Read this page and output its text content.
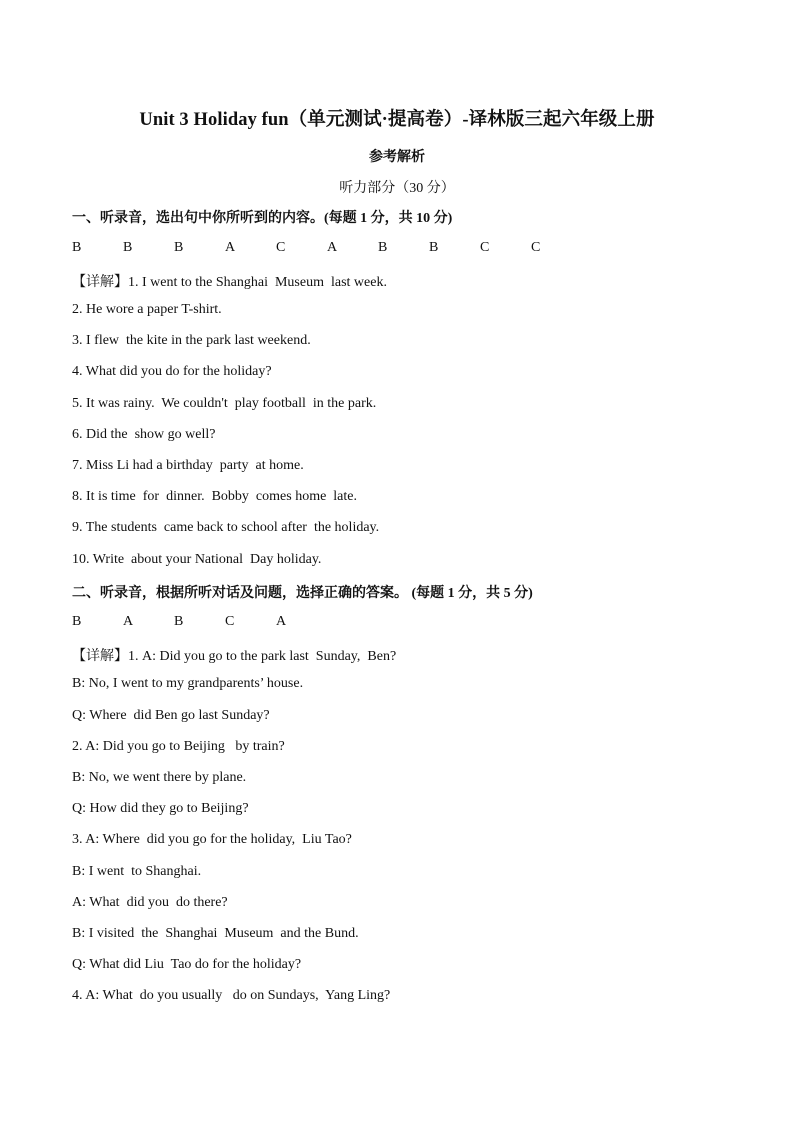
Unit 3 Holiday fun（单元测试·提高卷）-译林版三起六年级上册
参考解析
听力部分（30 分）
一、听录音，选出句中你所听到的内容。(每题 1 分，共 10 分)
B	B	B	A	C	A	B	B	C	C
【详解】1. I went to the Shanghai  Museum  last week.
2. He wore a paper T-shirt.
3. I flew  the kite in the park last weekend.
4. What did you do for the holiday?
5. It was rainy.  We couldn't  play football  in the park.
6. Did the  show go well?
7. Miss Li had a birthday  party  at home.
8. It is time  for  dinner.  Bobby  comes home  late.
9. The students  came back to school after  the holiday.
10. Write  about your National  Day holiday.
二、听录音，根据所听对话及问题，选择正确的答案。 (每题 1 分，共 5 分)
B	A	B	C	A
【详解】1. A: Did you go to the park last  Sunday,  Ben?
B: No, I went to my grandparents’ house.
Q: Where  did Ben go last Sunday?
2. A: Did you go to Beijing   by train?
B: No, we went there by plane.
Q: How did they go to Beijing?
3. A: Where  did you go for the holiday,  Liu Tao?
B: I went  to Shanghai.
A: What  did you  do there?
B: I visited  the  Shanghai  Museum  and the Bund.
Q: What did Liu  Tao do for the holiday?
4. A: What  do you usually   do on Sundays,  Yang Ling?
